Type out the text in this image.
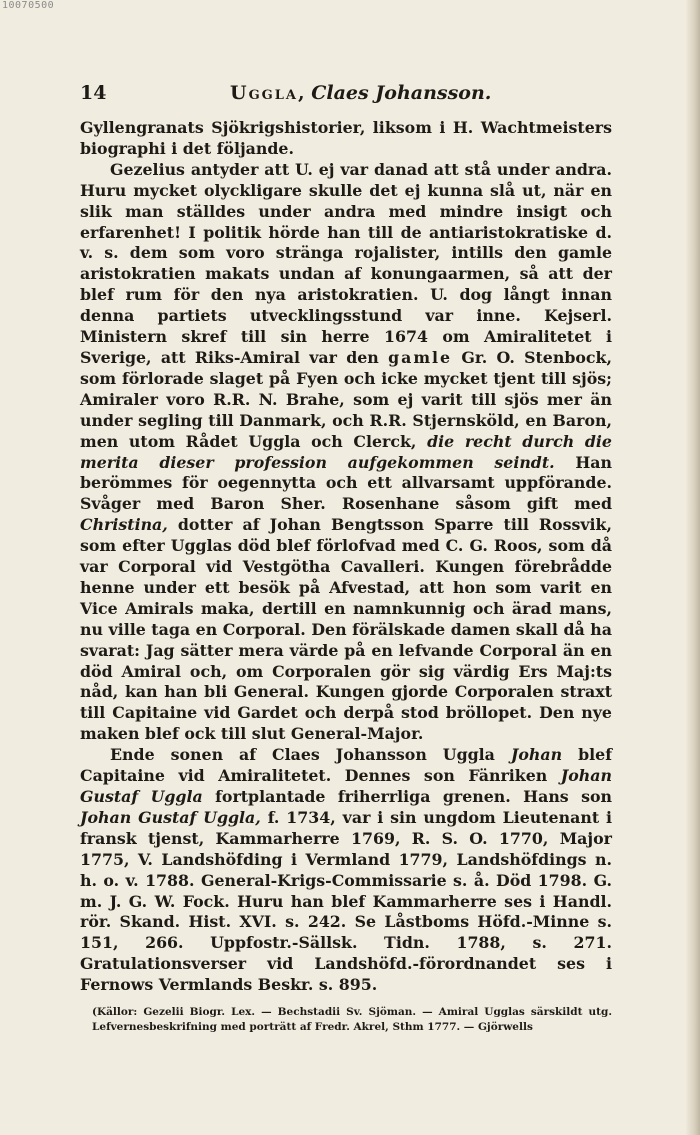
10070500
14	Uggla, Claes Johansson.

Gyllengranats Sjökrigshistorier, liksom i H. Wachtmeisters biographi i det följande.

Gezelius antyder att U. ej var danad att stå under andra. Huru mycket olyckligare skulle det ej kunna slå ut, när en slik man ställdes under andra med mindre insigt och erfarenhet! I politik hörde han till de antiaristokratiske d. v. s. dem som voro stränga rojalister, intills den gamle aristokratien makats undan af konungaarmen, så att der blef rum för den nya aristokratien. U. dog långt innan denna partiets utvecklingsstund var inne. Kejserl. Ministern skref till sin herre 1674 om Amiralitetet i Sverige, att Riks-Amiral var den gamle Gr. O. Stenbock, som förlorade slaget på Fyen och icke mycket tjent till sjös; Amiraler voro R.R. N. Brahe, som ej varit till sjös mer än under segling till Danmark, och R.R. Stjernsköld, en Baron, men utom Rådet Uggla och Clerck, die recht durch die merita dieser profession aufgekommen seindt. Han berömmes för oegennytta och ett allvarsamt uppförande. Svåger med Baron Sher. Rosenhane såsom gift med Christina, dotter af Johan Bengtsson Sparre till Rossvik, som efter Ugglas död blef förlofvad med C. G. Roos, som då var Corporal vid Vestgötha Cavalleri. Kungen förebrådde henne under ett besök på Afvestad, att hon som varit en Vice Amirals maka, dertill en namnkunnig och ärad mans, nu ville taga en Corporal. Den förälskade damen skall då ha svarat: Jag sätter mera värde på en lefvande Corporal än en död Amiral och, om Corporalen gör sig värdig Ers Maj:ts nåd, kan han bli General. Kungen gjorde Corporalen straxt till Capitaine vid Gardet och derpå stod bröllopet. Den nye maken blef ock till slut General-Major.

Ende sonen af Claes Johansson Uggla Johan blef Capitaine vid Amiralitetet. Dennes son Fänriken Johan Gustaf Uggla fortplantade friherrliga grenen. Hans son Johan Gustaf Uggla, f. 1734, var i sin ungdom Lieutenant i fransk tjenst, Kammarherre 1769, R. S. O. 1770, Major 1775, V. Landshöfding i Vermland 1779, Landshöfdings n. h. o. v. 1788. General-Krigs-Commissarie s. å. Död 1798. G. m. J. G. W. Fock. Huru han blef Kammarherre ses i Handl. rör. Skand. Hist. XVI. s. 242. Se Låstboms Höfd.-Minne s. 151, 266. Uppfostr.-Sällsk. Tidn. 1788, s. 271. Gratulationsverser vid Landshöfd.-förordnandet ses i Fernows Vermlands Beskr. s. 895.

(Källor: Gezelii Biogr. Lex. — Bechstadii Sv. Sjöman. — Amiral Ugglas särskildt utg. Lefvernesbeskrifning med porträtt af Fredr. Akrel, Sthm 1777. — Gjörwells
